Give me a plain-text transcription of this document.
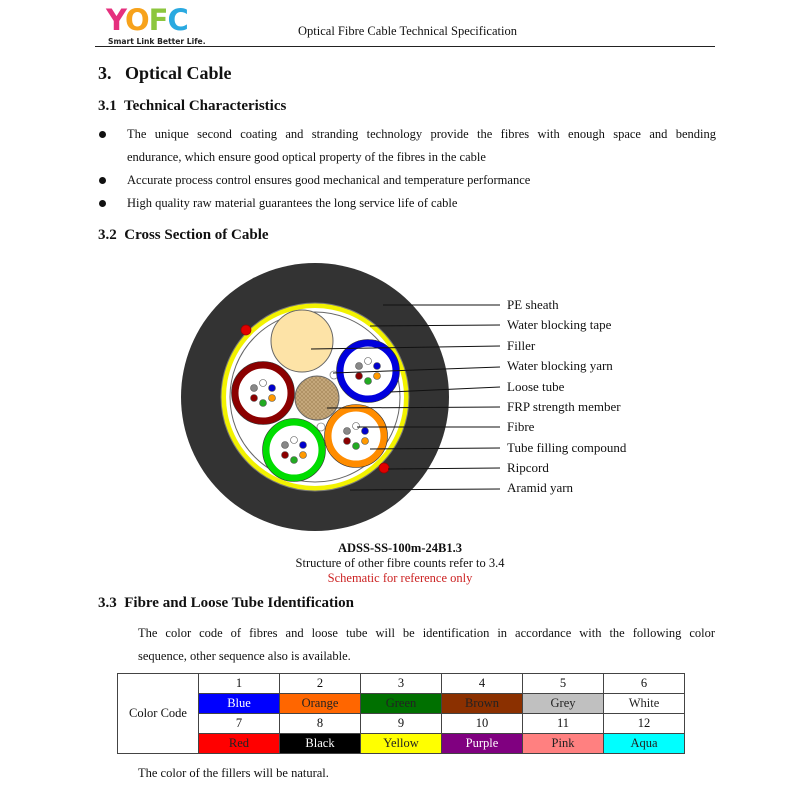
YOFC
Smart Link Better Life.
Optical Fibre Cable Technical Specification
3.   Optical Cable
3.1  Technical Characteristics
The unique second coating and stranding technology provide the fibres with enough space and bending
endurance, which ensure good optical property of the fibres in the cable
Accurate process control ensures good mechanical and temperature performance
High quality raw material guarantees the long service life of cable
3.2  Cross Section of Cable
PE sheath
Water blocking tape
Filler
Water blocking yarn
Loose tube
FRP strength member
Fibre
Tube filling compound
Ripcord
Aramid yarn
ADSS-SS-100m-24B1.3
Structure of other fibre counts refer to 3.4
Schematic for reference only
3.3  Fibre and Loose Tube Identification
The color code of fibres and loose tube will be identification in accordance with the following color
sequence, other sequence also is available.
Color Code	1	2	3	4	5	6
	Blue	Orange	Green	Brown	Grey	White
	7	8	9	10	11	12
	Red	Black	Yellow	Purple	Pink	Aqua
The color of the fillers will be natural.
